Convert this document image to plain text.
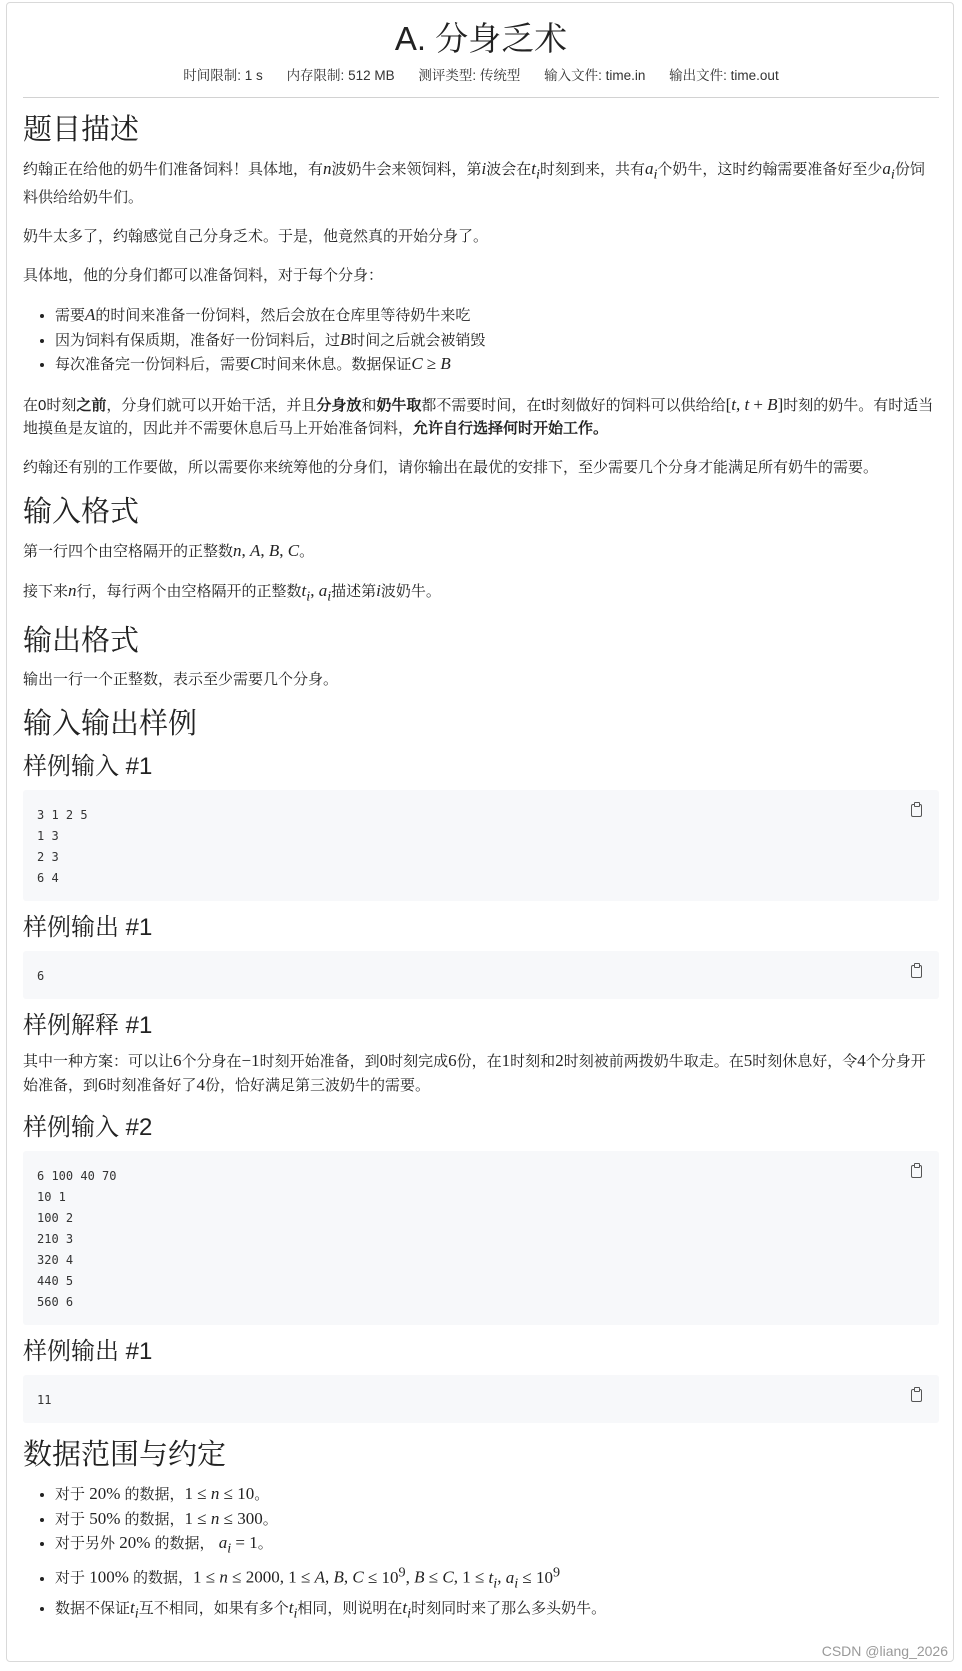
A. 分身乏术
时间限制: 1 s 内存限制: 512 MB 测评类型: 传统型 输入文件: time.in 输出文件: time.out
题目描述

约翰正在给他的奶牛们准备饲料！具体地，有n波奶牛会来领饲料，第i波会在$t_i$时刻到来，共有$a_i$个奶牛，这时约翰需要准备好至少$a_i$份饲料供给给奶牛们。

奶牛太多了，约翰感觉自己分身乏术。于是，他竟然真的开始分身了。

具体地，他的分身们都可以准备饲料，对于每个分身：

• 需要A的时间来准备一份饲料，然后会放在仓库里等待奶牛来吃
• 因为饲料有保质期，准备好一份饲料后，过B时间之后就会被销毁
• 每次准备完一份饲料后，需要C时间来休息。数据保证C ≥ B

在0时刻之前，分身们就可以开始干活，并且分身放和奶牛取都不需要时间，在t时刻做好的饲料可以供给给[t, t + B]时刻的奶牛。有时适当地摸鱼是友谊的，因此并不需要休息后马上开始准备饲料，允许自行选择何时开始工作。

约翰还有别的工作要做，所以需要你来统筹他的分身们，请你输出在最优的安排下，至少需要几个分身才能满足所有奶牛的需要。

输入格式

第一行四个由空格隔开的正整数n, A, B, C。

接下来n行，每行两个由空格隔开的正整数$t_i$, $a_i$描述第i波奶牛。

输出格式

输出一行一个正整数，表示至少需要几个分身。

输入输出样例
样例输入 #1
3 1 2 5
1 3
2 3
6 4
样例输出 #1
6
样例解释 #1

其中一种方案：可以让6个分身在−1时刻开始准备，到0时刻完成6份，在1时刻和2时刻被前两拨奶牛取走。在5时刻休息好，令4个分身开始准备，到6时刻准备好了4份，恰好满足第三波奶牛的需要。

样例输入 #2
6 100 40 70
10 1
100 2
210 3
320 4
440 5
560 6
样例输出 #1
11
数据范围与约定
• 对于 20% 的数据，1 ≤ n ≤ 10。
• 对于 50% 的数据，1 ≤ n ≤ 300。
• 对于另外 20% 的数据， $a_i = 1$。
• 对于 100% 的数据，1 ≤ n ≤ 2000, 1 ≤ A, B, $C \le 10^9$, B ≤ C, $1 \le t_i$, $a_i \le 10^9$
• 数据不保证$t_i$互不相同，如果有多个$t_i$相同，则说明在$t_i$时刻同时来了那么多头奶牛。
CSDN @liang_2026
